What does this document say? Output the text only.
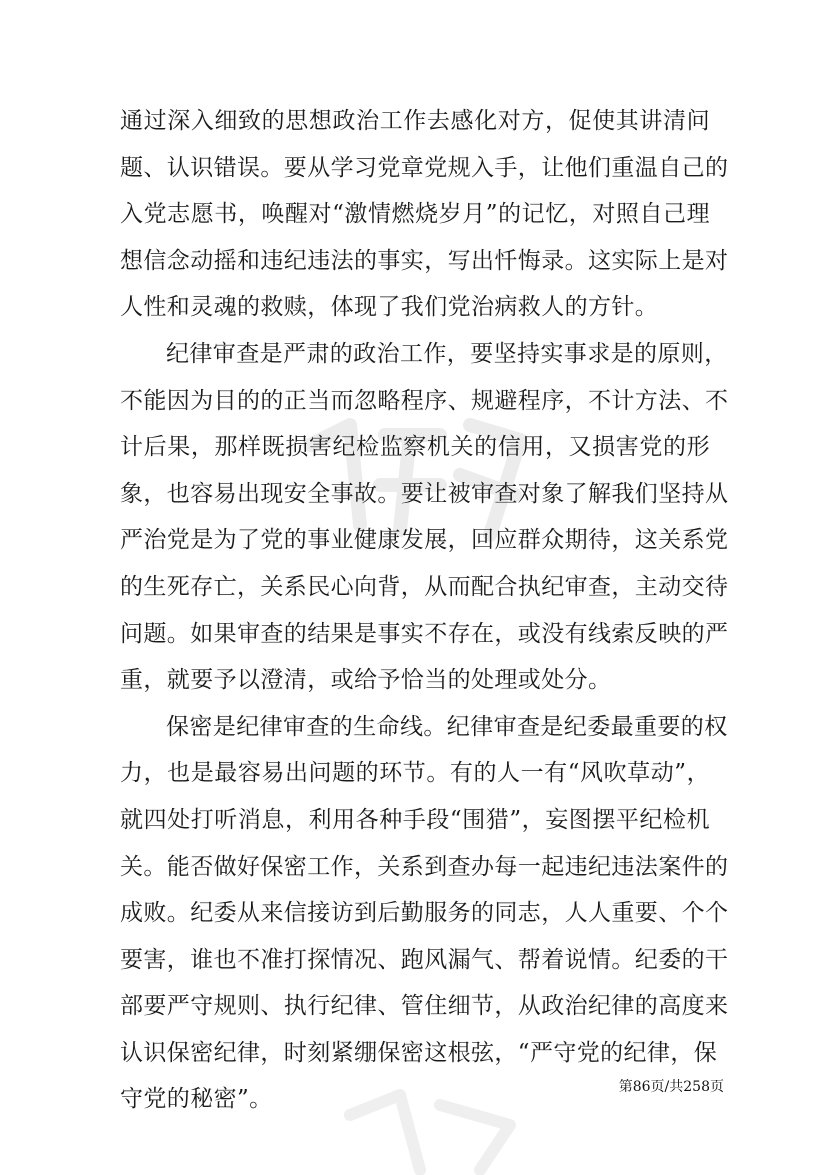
通过深入细致的思想政治工作去感化对方，促使其讲清问
题、认识错误。要从学习党章党规入手，让他们重温自己的
入党志愿书，唤醒对“激情燃烧岁月”的记忆，对照自己理
想信念动摇和违纪违法的事实，写出忏悔录。这实际上是对
人性和灵魂的救赎，体现了我们党治病救人的方针。
纪律审查是严肃的政治工作，要坚持实事求是的原则，
不能因为目的的正当而忽略程序、规避程序，不计方法、不
计后果，那样既损害纪检监察机关的信用，又损害党的形
象，也容易出现安全事故。要让被审查对象了解我们坚持从
严治党是为了党的事业健康发展，回应群众期待，这关系党
的生死存亡，关系民心向背，从而配合执纪审查，主动交待
问题。如果审查的结果是事实不存在，或没有线索反映的严
重，就要予以澄清，或给予恰当的处理或处分。
保密是纪律审查的生命线。纪律审查是纪委最重要的权
力，也是最容易出问题的环节。有的人一有“风吹草动”，
就四处打听消息，利用各种手段“围猎”，妄图摆平纪检机
关。能否做好保密工作，关系到查办每一起违纪违法案件的
成败。纪委从来信接访到后勤服务的同志，人人重要、个个
要害，谁也不准打探情况、跑风漏气、帮着说情。纪委的干
部要严守规则、执行纪律、管住细节，从政治纪律的高度来
认识保密纪律，时刻紧绷保密这根弦，“严守党的纪律，保
守党的秘密”。	第86页/共258页
